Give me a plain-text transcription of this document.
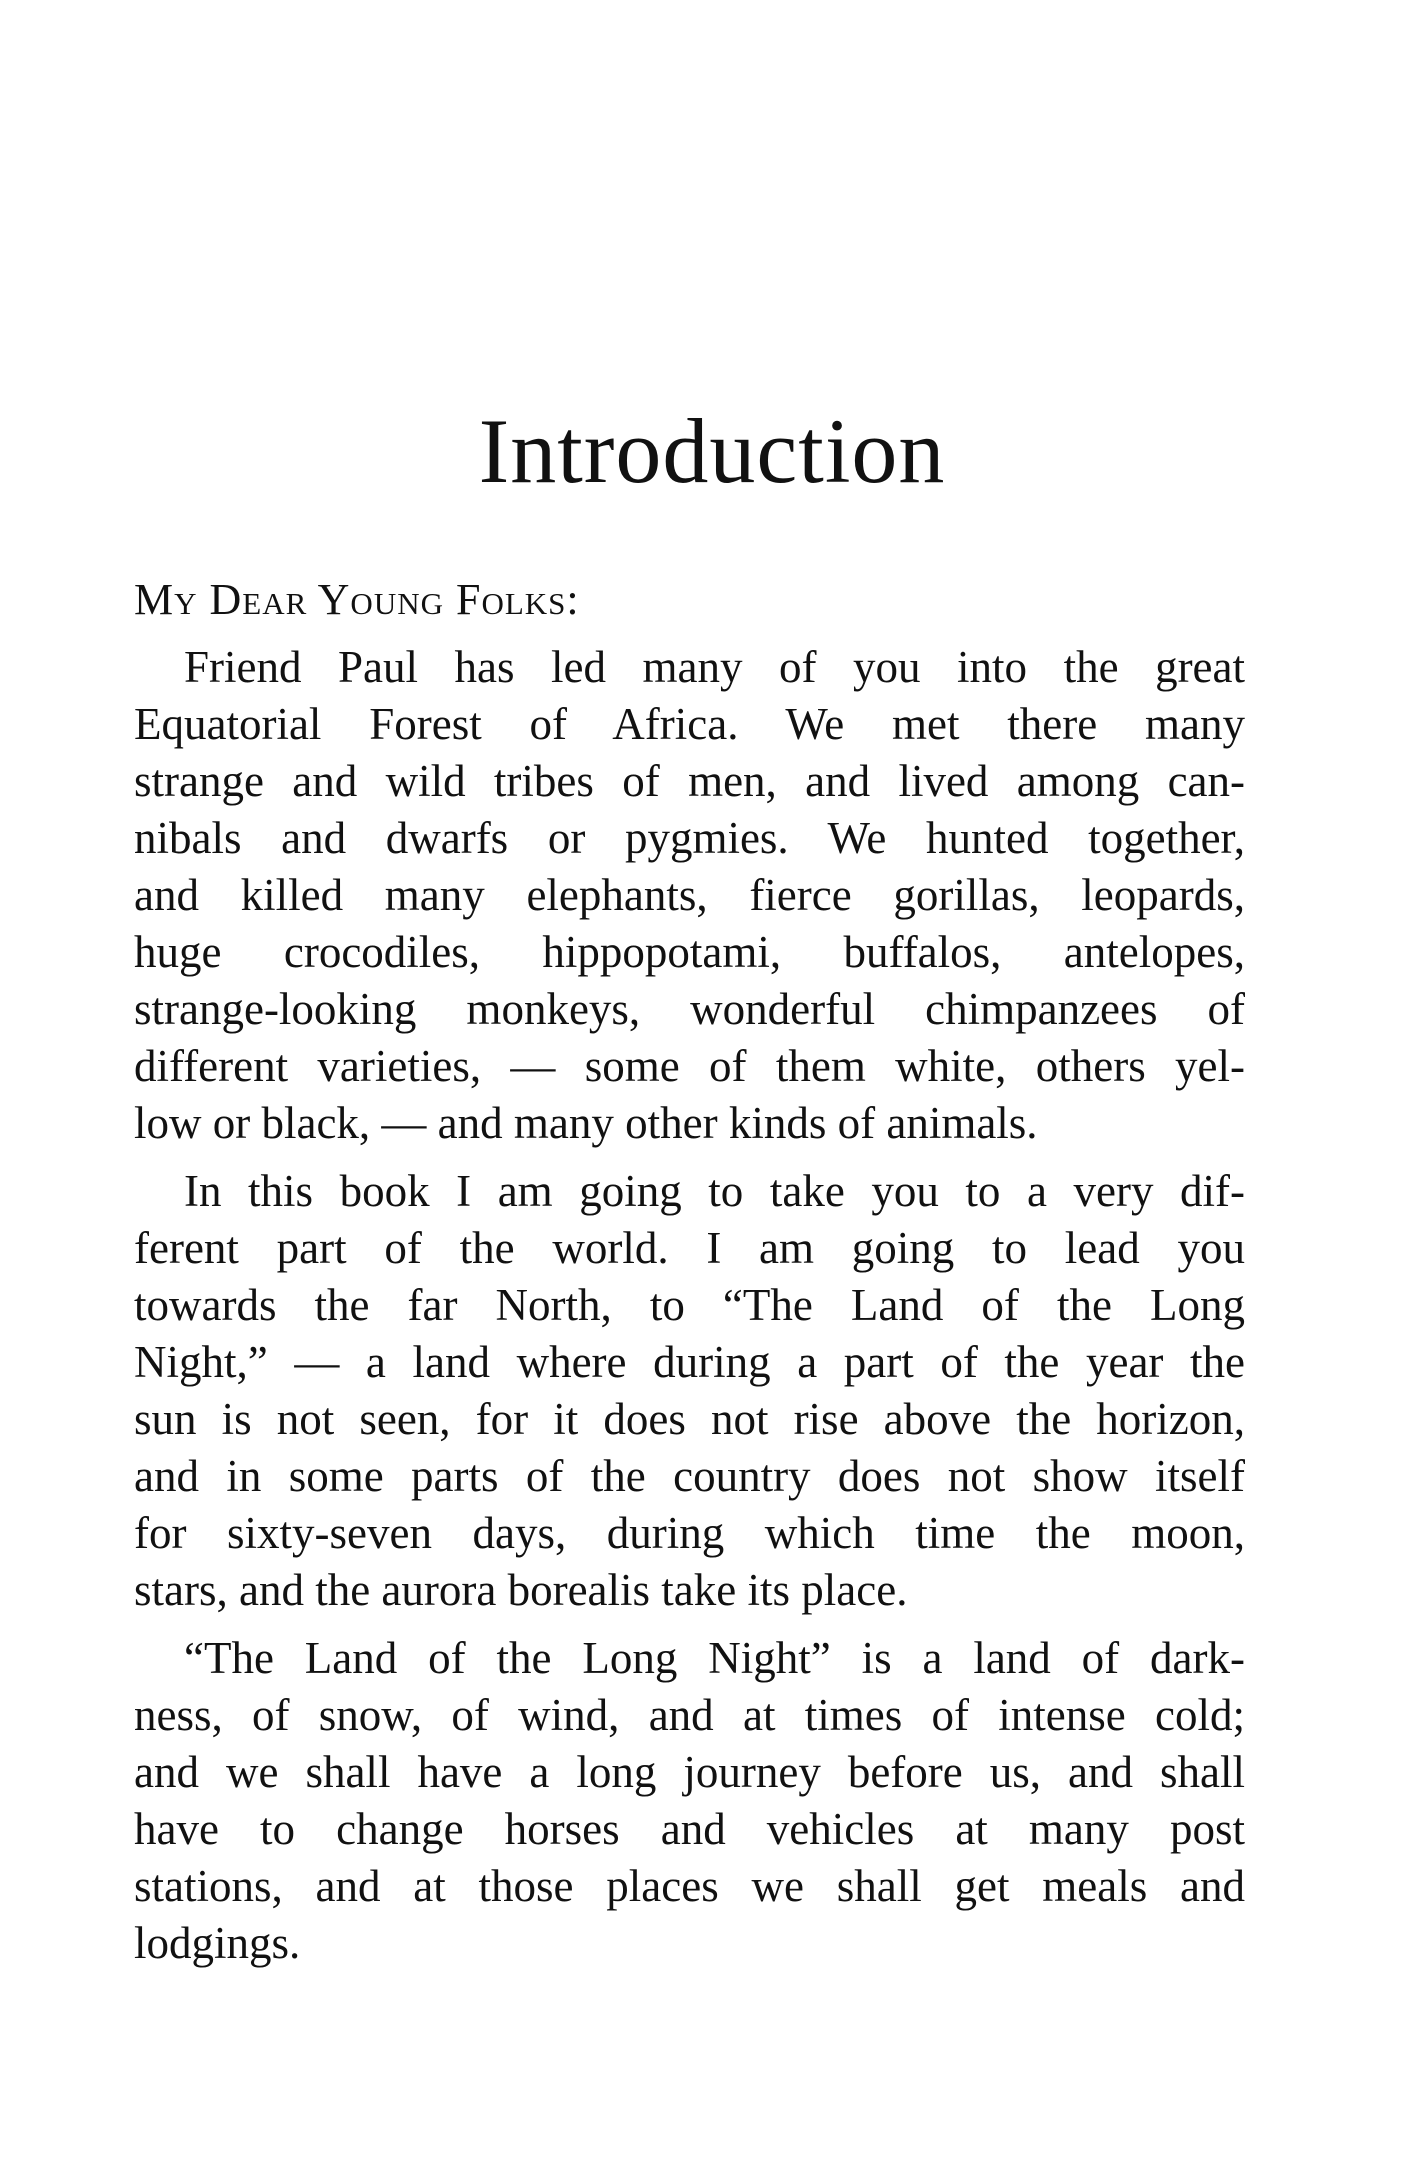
Introduction
My Dear Young Folks:
Friend Paul has led many of you into the great
Equatorial Forest of Africa. We met there many
strange and wild tribes of men, and lived among can-
nibals and dwarfs or pygmies. We hunted together,
and killed many elephants, fierce gorillas, leopards,
huge crocodiles, hippopotami, buffalos, antelopes,
strange-looking monkeys, wonderful chimpanzees of
different varieties, — some of them white, others yel-
low or black, — and many other kinds of animals.
In this book I am going to take you to a very dif-
ferent part of the world. I am going to lead you
towards the far North, to “The Land of the Long
Night,” — a land where during a part of the year the
sun is not seen, for it does not rise above the horizon,
and in some parts of the country does not show itself
for sixty-seven days, during which time the moon,
stars, and the aurora borealis take its place.
“The Land of the Long Night” is a land of dark-
ness, of snow, of wind, and at times of intense cold;
and we shall have a long journey before us, and shall
have to change horses and vehicles at many post
stations, and at those places we shall get meals and
lodgings.
